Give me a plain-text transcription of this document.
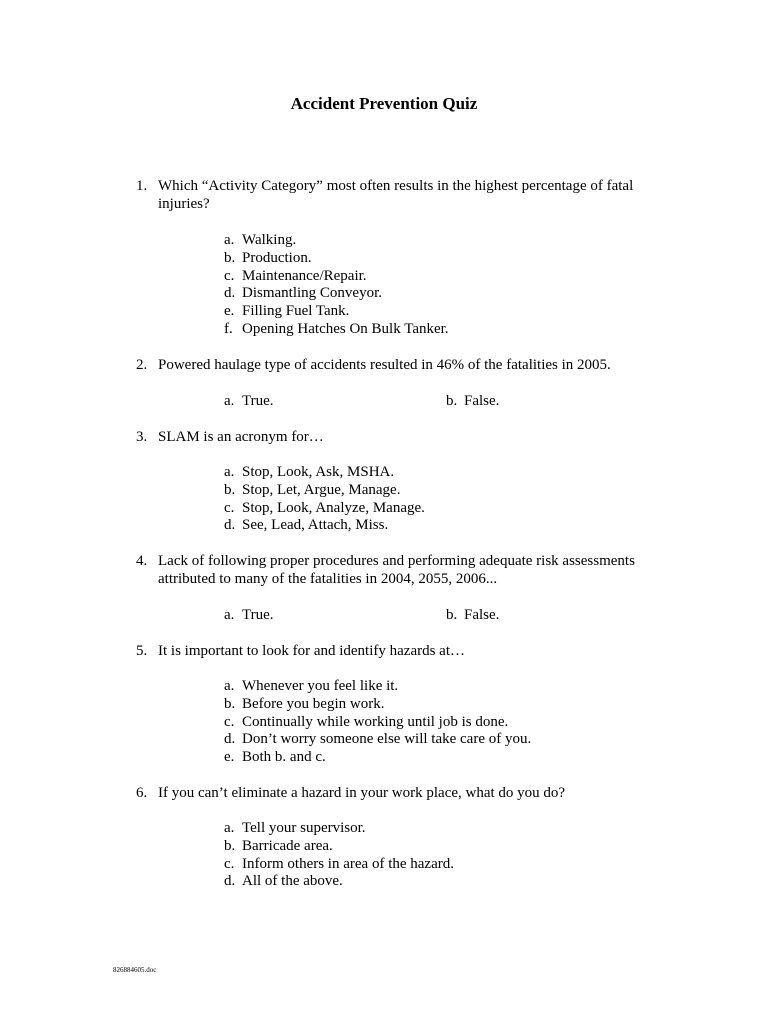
Accident Prevention Quiz
1. Which “Activity Category” most often results in the highest percentage of fatal injuries?
a. Walking.
b. Production.
c. Maintenance/Repair.
d. Dismantling Conveyor.
e. Filling Fuel Tank.
f. Opening Hatches On Bulk Tanker.
2. Powered haulage type of accidents resulted in 46% of the fatalities in 2005.
a. True.	b. False.
3. SLAM is an acronym for…
a. Stop, Look, Ask, MSHA.
b. Stop, Let, Argue, Manage.
c. Stop, Look, Analyze, Manage.
d. See, Lead, Attach, Miss.
4. Lack of following proper procedures and performing adequate risk assessments attributed to many of the fatalities in 2004, 2055, 2006...
a. True.	b. False.
5. It is important to look for and identify hazards at…
a. Whenever you feel like it.
b. Before you begin work.
c. Continually while working until job is done.
d. Don’t worry someone else will take care of you.
e. Both b. and c.
6. If you can’t eliminate a hazard in your work place, what do you do?
a. Tell your supervisor.
b. Barricade area.
c. Inform others in area of the hazard.
d. All of the above.
826884605.doc
